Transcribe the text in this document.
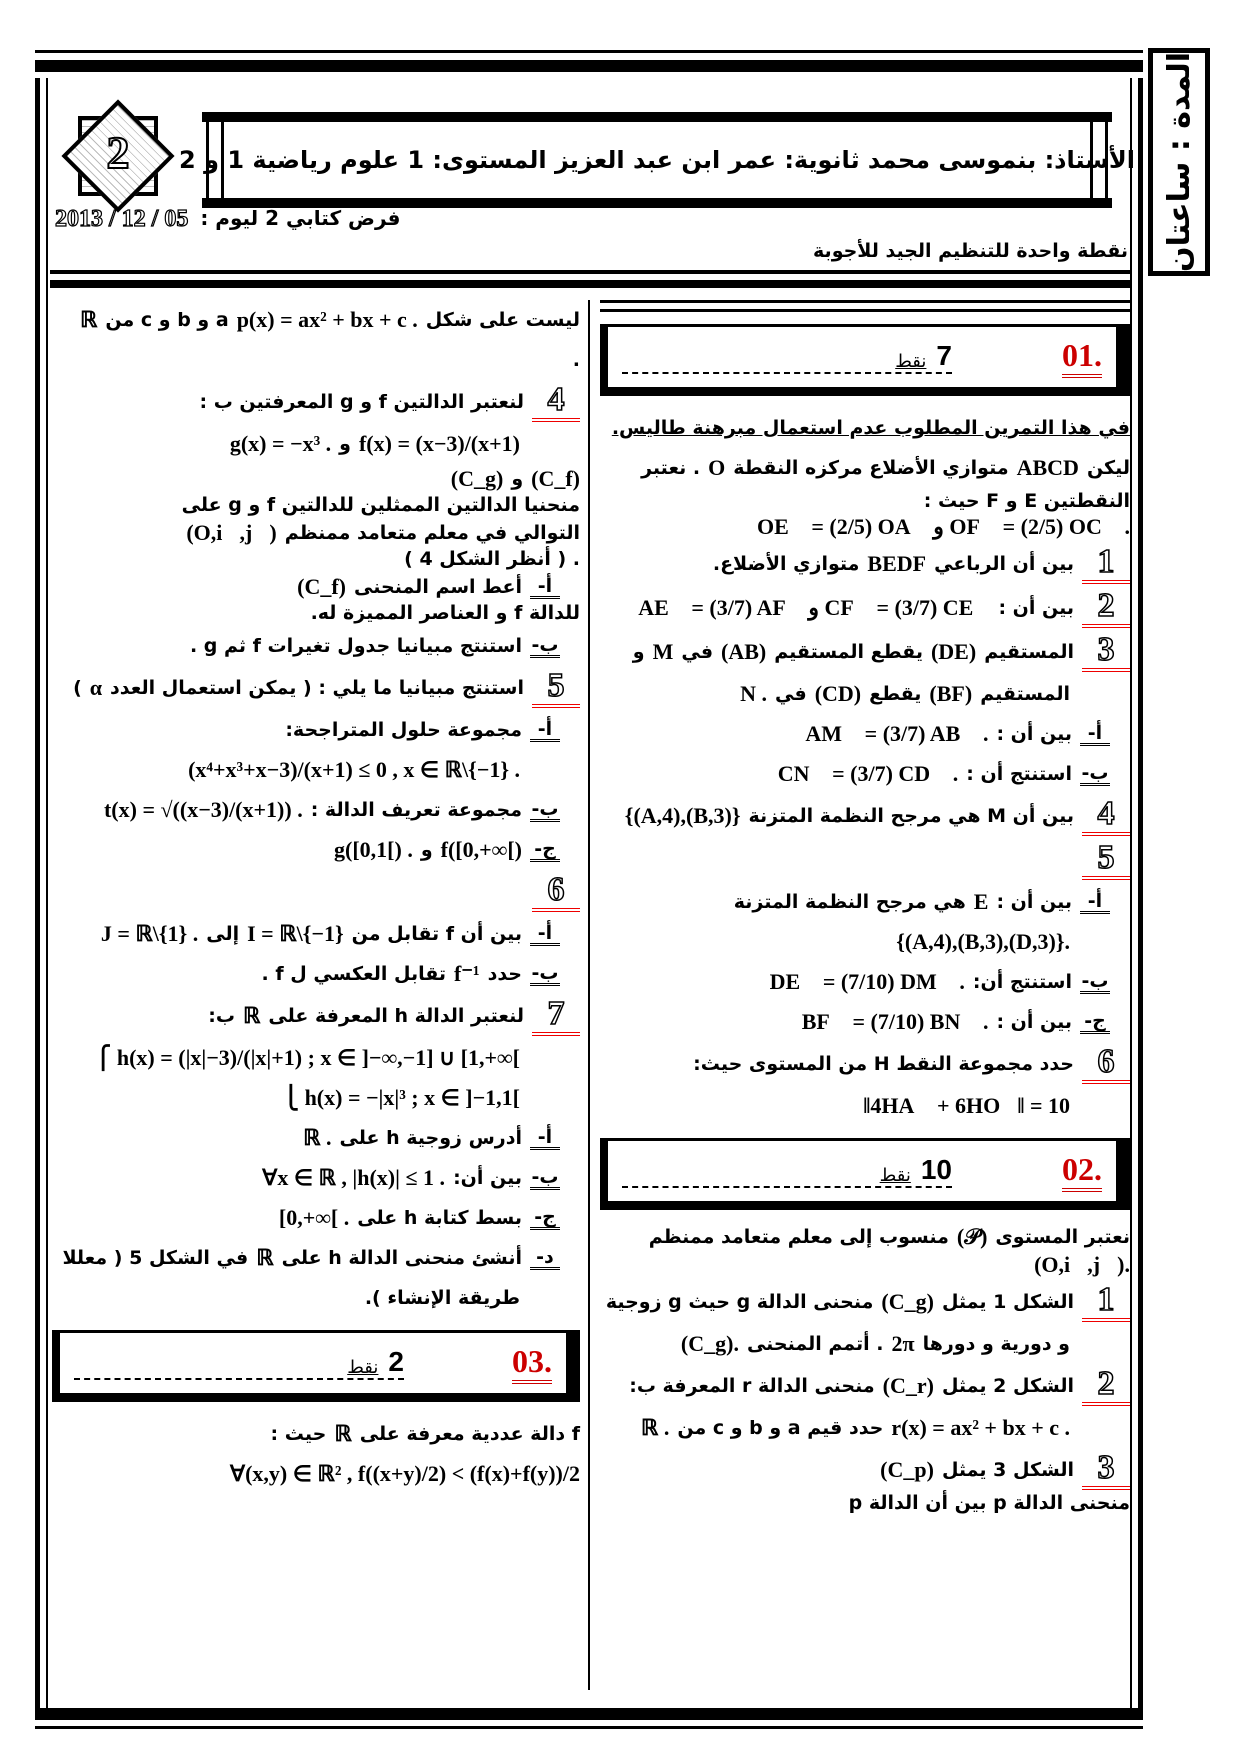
المدة : ساعتان
2	الأستاذ: بنموسى محمد ثانوية: عمر ابن عبد العزيز المستوى: 1 علوم رياضية 1 و 2
فرض كتابي 2 ليوم :
2013 / 12 / 05
نقطة واحدة للتنظيم الجيد للأجوبة
.01
7
نقط
في هذا التمرين المطلوب عدم استعمال مبرهنة طاليس.
ليكن
ABCD
متوازي الأضلاع مركزه النقطة
O
. نعتبر
النقطتين E و F حيث :
OE⃗ = (2/5) OA⃗ و OF⃗ = (2/5) OC⃗ .
1
بين أن الرباعي
BEDF
متوازي الأضلاع.
2
بين أن :
AE⃗ = (3/7) AF⃗ و CF⃗ = (3/7) CE⃗
3
المستقيم
(DE)
يقطع المستقيم
(AB)
في
M
و
المستقيم
(BF)
يقطع
(CD)
في
N .
أ-
بين أن :
AM⃗ = (3/7) AB⃗ .
ب-
استنتج أن :
CN⃗ = (3/7) CD⃗ .
4
بين أن M هي مرجح النظمة المتزنة
{(A,4),(B,3)}
5
أ-
بين أن :
E
هي مرجح النظمة المتزنة
{(A,4),(B,3),(D,3)}.
ب-
استنتج أن:
DE⃗ = (7/10) DM⃗ .
ج-
بين أن :
BF⃗ = (7/10) BN⃗ .
6
حدد مجموعة النقط H من المستوى حيث:
‖4HA⃗ + 6HO⃗‖ = 10
.02
10
نقط
نعتبر المستوى
(𝒫)
منسوب إلى معلم متعامد ممنظم
(O,i⃗,j⃗).
1
الشكل 1 يمثل
(C_g)
منحنى الدالة g حيث g زوجية
و دورية و دورها
2π
. أتمم المنحنى
(C_g).
2
الشكل 2 يمثل
(C_r)
منحنى الدالة r المعرفة ب:
r(x) = ax² + bx + c .
حدد قيم a و b و c من
ℝ .
3
الشكل 3 يمثل
(C_p)
منحنى الدالة p بين أن الدالة p
ليست على شكل
p(x) = ax² + bx + c .
a و b و c من
ℝ
.
4
لنعتبر الدالتين f و g المعرفتين ب :
f(x) = (x−3)/(x+1)
و
g(x) = −x³ .
(C_f)
و
(C_g)
منحنيا الدالتين الممثلين للدالتين f و g على
التوالي في معلم متعامد ممنظم
(O,i⃗,j⃗)
. ( أنظر الشكل 4 )
أ-
أعط اسم المنحنى
(C_f)
للدالة f و العناصر المميزة له.
ب-
استنتج مبيانيا جدول تغيرات f ثم g .
5
استنتج مبيانيا ما يلي : ( يمكن استعمال العدد
α
)
أ-
مجموعة حلول المتراجحة:
(x⁴+x³+x−3)/(x+1) ≤ 0 , x ∈ ℝ\{−1} .
ب-
مجموعة تعريف الدالة :
t(x) = √((x−3)/(x+1)) .
ج-
f([0,+∞[)
و
g([0,1[) .
6
أ-
بين أن f تقابل من
I = ℝ\{−1}
إلى
J = ℝ\{1} .
ب-
حدد
f⁻¹
تقابل العكسي ل f .
7
لنعتبر الدالة h المعرفة على
ℝ
ب:
⎧ h(x) = (|x|−3)/(|x|+1) ; x ∈ ]−∞,−1] ∪ [1,+∞[
⎩ h(x) = −|x|³ ; x ∈ ]−1,1[
أ-
أدرس زوجية h على
ℝ .
ب-
بين أن:
∀x ∈ ℝ , |h(x)| ≤ 1 .
ج-
بسط كتابة h على
[0,+∞[ .
د-
أنشئ منحنى الدالة h على
ℝ
في الشكل 5 ( معللا
طريقة الإنشاء ).
.03
2
نقط
f دالة عددية معرفة على
ℝ
حيث :
∀(x,y) ∈ ℝ² , f((x+y)/2) < (f(x)+f(y))/2
